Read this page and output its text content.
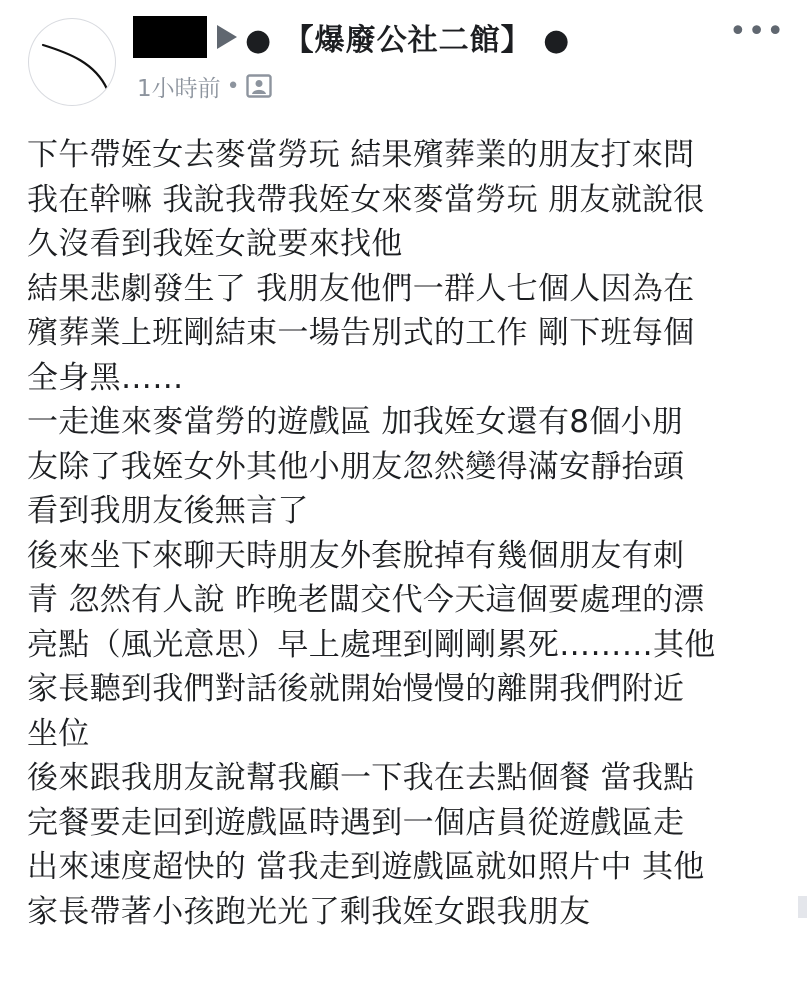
● 【爆廢公社二館】 ●	•••
1小時前 •

下午帶姪女去麥當勞玩 結果殯葬業的朋友打來問

我在幹嘛 我說我帶我姪女來麥當勞玩 朋友就說很

久沒看到我姪女說要來找他

結果悲劇發生了 我朋友他們一群人七個人因為在

殯葬業上班剛結束一場告別式的工作 剛下班每個

全身黑……

一走進來麥當勞的遊戲區 加我姪女還有8個小朋

友除了我姪女外其他小朋友忽然變得滿安靜抬頭

看到我朋友後無言了

後來坐下來聊天時朋友外套脫掉有幾個朋友有刺

青 忽然有人說 昨晚老闆交代今天這個要處理的漂

亮點（風光意思）早上處理到剛剛累死………其他

家長聽到我們對話後就開始慢慢的離開我們附近

坐位

後來跟我朋友說幫我顧一下我在去點個餐 當我點

完餐要走回到遊戲區時遇到一個店員從遊戲區走

出來速度超快的 當我走到遊戲區就如照片中 其他

家長帶著小孩跑光光了剩我姪女跟我朋友
